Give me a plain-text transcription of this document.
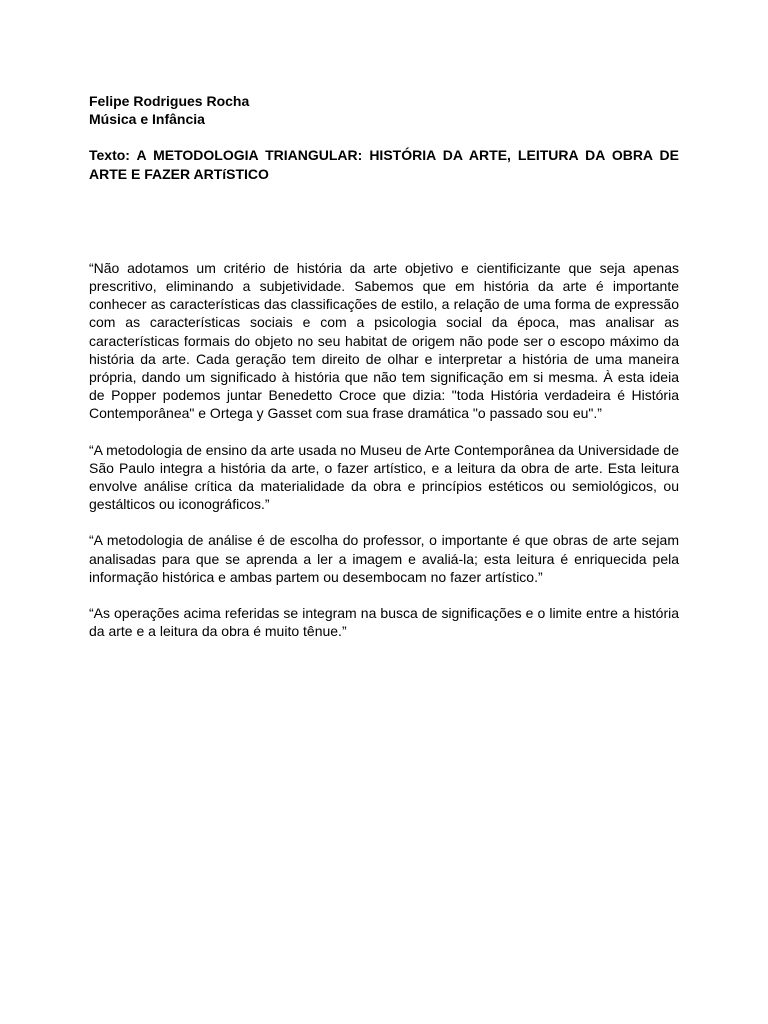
Felipe Rodrigues Rocha

Música e Infância

Texto: A METODOLOGIA TRIANGULAR: HISTÓRIA DA ARTE, LEITURA DA OBRA DE ARTE E FAZER ARTíSTICO

“Não adotamos um critério de história da arte objetivo e cientificizante que seja apenas prescritivo, eliminando a subjetividade. Sabemos que em história da arte é importante conhecer as características das classificações de estilo, a relação de uma forma de expressão com as características sociais e com a psicologia social da época, mas analisar as características formais do objeto no seu habitat de origem não pode ser o escopo máximo da história da arte. Cada geração tem direito de olhar e interpretar a história de uma maneira própria, dando um significado à história que não tem significação em si mesma. À esta ideia de Popper podemos juntar Benedetto Croce que dizia: "toda História verdadeira é História Contemporânea" e Ortega y Gasset com sua frase dramática "o passado sou eu".”

“A metodologia de ensino da arte usada no Museu de Arte Contemporânea da Universidade de São Paulo integra a história da arte, o fazer artístico, e a leitura da obra de arte. Esta leitura envolve análise crítica da materialidade da obra e princípios estéticos ou semiológicos, ou gestálticos ou iconográficos.”

“A metodologia de análise é de escolha do professor, o importante é que obras de arte sejam analisadas para que se aprenda a ler a imagem e avaliá-la; esta leitura é enriquecida pela informação histórica e ambas partem ou desembocam no fazer artístico.”

“As operações acima referidas se integram na busca de significações e o limite entre a história da arte e a leitura da obra é muito tênue.”
